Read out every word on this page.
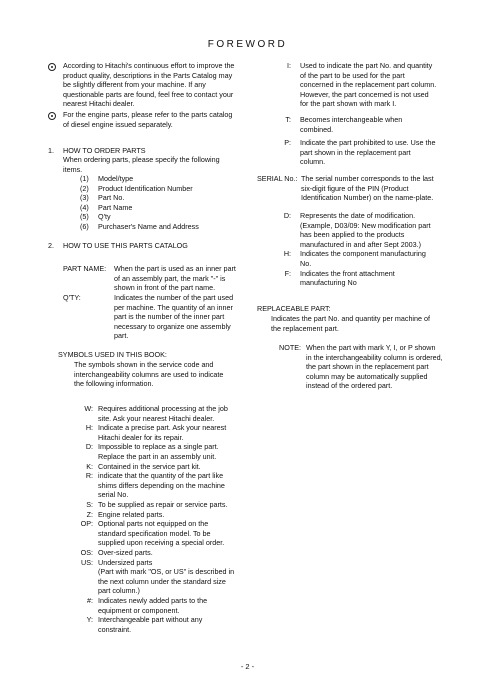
FOREWORD
According to Hitachi's continuous effort to improve the
product quality, descriptions in the Parts Catalog may
be slightly different from your machine. If any
questionable parts are found, feel free to contact your
nearest Hitachi dealer.
For the engine parts, please refer to the parts catalog
of diesel engine issued separately.
1. HOW TO ORDER PARTS
When ordering parts, please specify the following
items.
(1) Model/type
(2) Product Identification Number
(3) Part No.
(4) Part Name
(5) Q'ty
(6) Purchaser's Name and Address
2. HOW TO USE THIS PARTS CATALOG
PART NAME: When the part is used as an inner part
of an assembly part, the mark "-" is
shown in front of the part name.
Q'TY:	Indicates the number of the part used
per machine. The quantity of an inner
part is the number of the inner part
necessary to organize one assembly
part.
SYMBOLS USED IN THIS BOOK:
The symbols shown in the service code and
interchangeability columns are used to indicate
the following information.
W: Requires additional processing at the job
site. Ask your nearest Hitachi dealer.
H: Indicate a precise part. Ask your nearest
Hitachi dealer for its repair.
D: Impossible to replace as a single part.
Replace the part in an assembly unit.
K: Contained in the service part kit.
R: indicate that the quantity of the part like
shims differs depending on the machine
serial No.
S: To be supplied as repair or service parts.
Z: Engine related parts.
OP: Optional parts not equipped on the
standard specification model. To be
supplied upon receiving a special order.
OS: Over-sized parts.
US: Undersized parts
(Part with mark "OS, or US" is described in
the next column under the standard size
part column.)
#: Indicates newly added parts to the
equipment or component.
Y: Interchangeable part without any
constraint.
I: Used to indicate the part No. and quantity
of the part to be used for the part
concerned in the replacement part column.
However, the part concerned is not used
for the part shown with mark I.
T: Becomes interchangeable when
combined.
P: Indicate the part prohibited to use. Use the
part shown in the replacement part
column.
SERIAL No.: The serial number corresponds to the last
six-digit figure of the PIN (Product
Identification Number) on the name-plate.
D: Represents the date of modification.
(Example, D03/09: New modification part
has been applied to the products
manufactured in and after Sept 2003.)
H: Indicates the component manufacturing
No.
F: Indicates the front attachment
manufacturing No
REPLACEABLE PART:
Indicates the part No. and quantity per machine of
the replacement part.
NOTE: When the part with mark Y, I, or P shown
in the interchangeability column is ordered,
the part shown in the replacement part
column may be automatically supplied
instead of the ordered part.
- 2 -
